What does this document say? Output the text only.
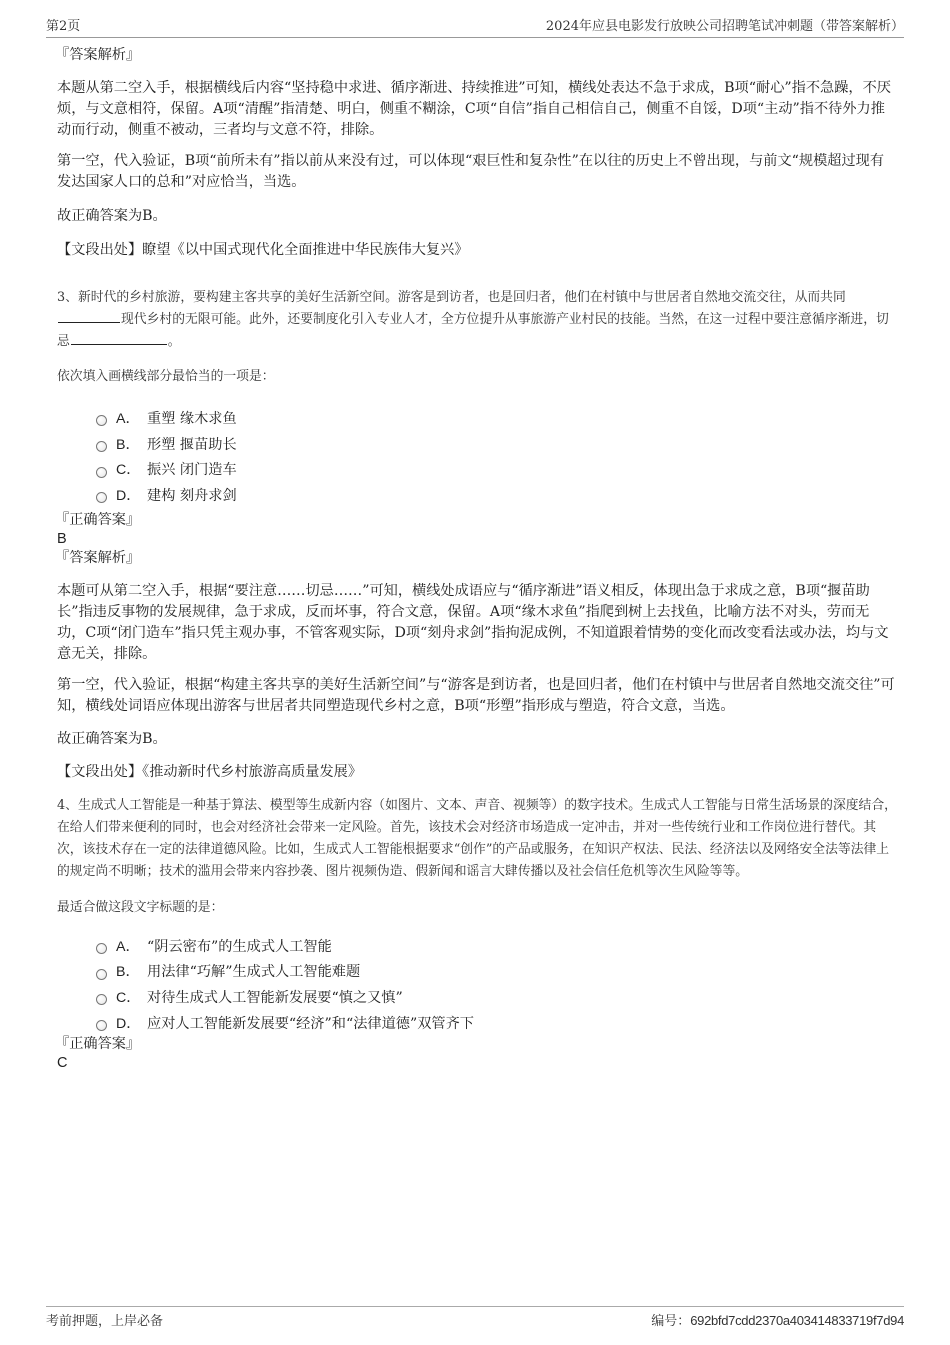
第2页	2024年应县电影发行放映公司招聘笔试冲刺题（带答案解析）

『答案解析』

本题从第二空入手，根据横线后内容“坚持稳中求进、循序渐进、持续推进”可知，横线处表达不急于求成，B项“耐心”指不急躁，不厌烦，与文意相符，保留。A项“清醒”指清楚、明白，侧重不糊涂，C项“自信”指自己相信自己，侧重不自馁，D项“主动”指不待外力推动而行动，侧重不被动，三者均与文意不符，排除。

第一空，代入验证，B项“前所未有”指以前从来没有过，可以体现“艰巨性和复杂性”在以往的历史上不曾出现，与前文“规模超过现有发达国家人口的总和”对应恰当，当选。

故正确答案为B。

【文段出处】瞭望《以中国式现代化全面推进中华民族伟大复兴》

3、新时代的乡村旅游，要构建主客共享的美好生活新空间。游客是到访者，也是回归者，他们在村镇中与世居者自然地交流交往，从而共同现代乡村的无限可能。此外，还要制度化引入专业人才，全方位提升从事旅游产业村民的技能。当然，在这一过程中要注意循序渐进，切忌	。

依次填入画横线部分最恰当的一项是：

A． 重塑 缘木求鱼
B． 形塑 揠苗助长
C． 振兴 闭门造车
D． 建构 刻舟求剑

『正确答案』

B

『答案解析』

本题可从第二空入手，根据“要注意……切忌……”可知，横线处成语应与“循序渐进”语义相反，体现出急于求成之意，B项“揠苗助长”指违反事物的发展规律，急于求成，反而坏事，符合文意，保留。A项“缘木求鱼”指爬到树上去找鱼，比喻方法不对头，劳而无功，C项“闭门造车”指只凭主观办事，不管客观实际，D项“刻舟求剑”指拘泥成例，不知道跟着情势的变化而改变看法或办法，均与文意无关，排除。

第一空，代入验证，根据“构建主客共享的美好生活新空间”与“游客是到访者，也是回归者，他们在村镇中与世居者自然地交流交往”可知，横线处词语应体现出游客与世居者共同塑造现代乡村之意，B项“形塑”指形成与塑造，符合文意，当选。

故正确答案为B。

【文段出处】《推动新时代乡村旅游高质量发展》

4、生成式人工智能是一种基于算法、模型等生成新内容（如图片、文本、声音、视频等）的数字技术。生成式人工智能与日常生活场景的深度结合，在给人们带来便利的同时，也会对经济社会带来一定风险。首先，该技术会对经济市场造成一定冲击，并对一些传统行业和工作岗位进行替代。其次，该技术存在一定的法律道德风险。比如，生成式人工智能根据要求“创作”的产品或服务，在知识产权法、民法、经济法以及网络安全法等法律上的规定尚不明晰；技术的滥用会带来内容抄袭、图片视频伪造、假新闻和谣言大肆传播以及社会信任危机等次生风险等等。

最适合做这段文字标题的是：

A． “阴云密布”的生成式人工智能
B． 用法律“巧解”生成式人工智能难题
C． 对待生成式人工智能新发展要“慎之又慎”
D． 应对人工智能新发展要“经济”和“法律道德”双管齐下

『正确答案』

C

考前押题，上岸必备	编号：692bfd7cdd2370a403414833719f7d94
